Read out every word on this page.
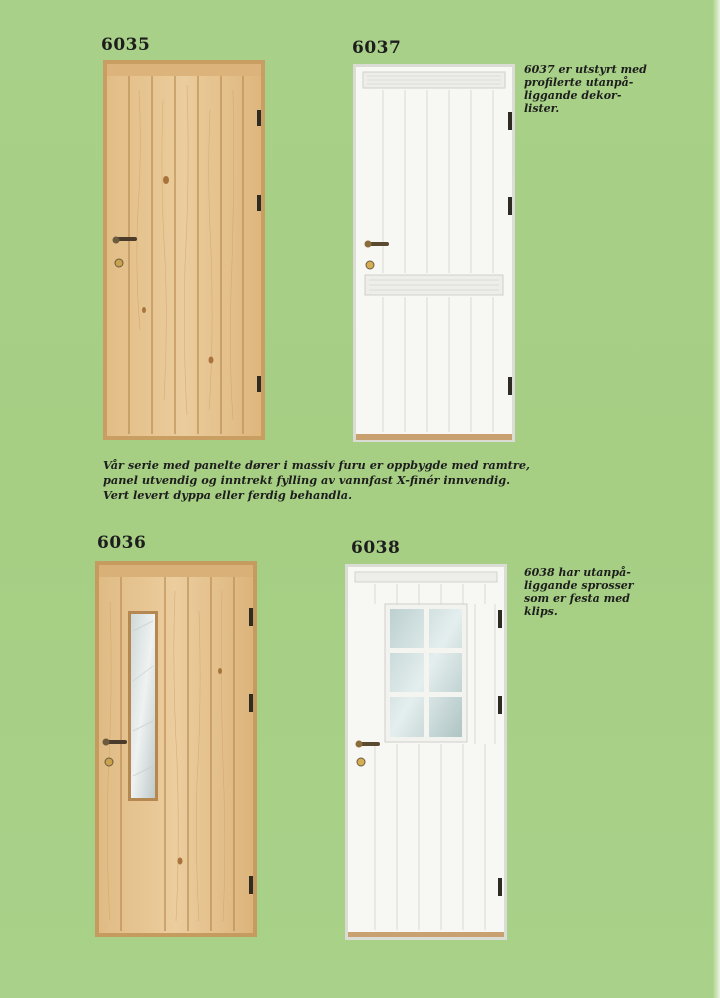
6035	6037
6036	6038
6037 er utstyrt med
profilerte utanpå-
liggande dekor-
lister.
6038 har utanpå-
liggande sprosser
som er festa med
klips.
Vår serie med panelte dører i massiv furu er oppbygde med ramtre,
panel utvendig og inntrekt fylling av vannfast X-finér innvendig.
Vert levert dyppa eller ferdig behandla.
